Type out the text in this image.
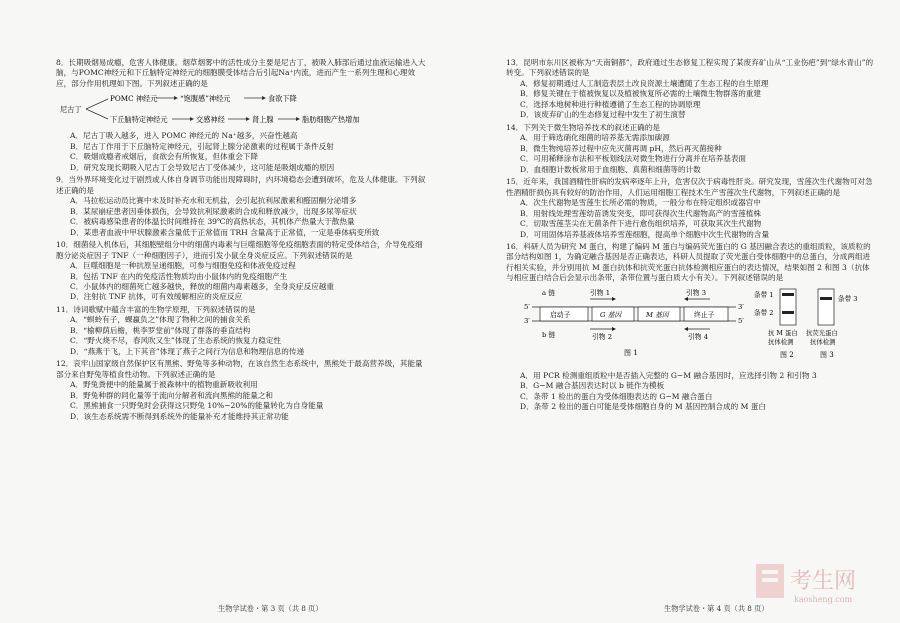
8．长期吸烟易成瘾，危害人体健康。烟草烟雾中的活性成分主要是尼古丁，被吸入肺部后通过血液运输进入大脑，与POMC神经元和下丘脑特定神经元的细胞膜受体结合后引起Na⁺内流，进而产生一系列生理和心理效应，部分作用机理如下图。下列叙述正确的是

尼古丁
POMC 神经元	“饱腹感”神经元	食欲下降
下丘脑特定神经元	交感神经	肾上腺	脂肪细胞产热增加

A．尼古丁吸入越多，进入 POMC 神经元的 Na⁺越多，兴奋性越高

B．尼古丁作用于下丘脑特定神经元，引起肾上腺分泌激素的过程属于条件反射

C．吸烟成瘾者戒烟后，食欲会有所恢复，但体重会下降

D．研究发现长期吸入尼古丁会导致尼古丁受体减少，这可能是吸烟成瘾的原因

9．当外界环境变化过于剧烈或人体自身调节功能出现障碍时，内环境稳态会遭到破坏，危及人体健康。下列叙述正确的是

A．马拉松运动员比赛中未及时补充水和无机盐，会引起抗利尿激素和醛固酮分泌增多

B．某尿崩症患者因垂体损伤，会导致抗利尿激素的合成和释放减少，出现多尿等症状

C．被病毒感染患者的体温长时间维持在 39℃的高热状态，其机体产热量大于散热量

D．某患者血液中甲状腺激素含量低于正常值而 TRH 含量高于正常值，一定是垂体病变所致

10．细菌侵入机体后，其细胞壁组分中的细菌内毒素与巨噬细胞等免疫细胞表面的特定受体结合，介导免疫细胞分泌炎症因子 TNF（一种细胞因子），进而引发小鼠全身炎症反应。下列叙述错误的是

A．巨噬细胞是一种抗原呈递细胞，可参与细胞免疫和体液免疫过程

B．包括 TNF 在内的免疫活性物质均由小鼠体内的免疫细胞产生

C．小鼠体内的细菌死亡越多越快，释放的细菌内毒素越多，全身炎症反应越重

D．注射抗 TNF 抗体，可有效缓解相应的炎症反应

11．诗词歌赋中蕴含丰富的生物学原理，下列叙述错误的是

A．“螟蛉有子，蜾蠃负之”体现了物种之间的捕食关系

B．“榆柳荫后檐，桃李罗堂前”体现了群落的垂直结构

C．“野火烧不尽，春风吹又生”体现了生态系统的恢复力稳定性

D．“燕燕于飞，上下其音”体现了燕子之间行为信息和物理信息的传递

12．哀牢山国家级自然保护区有黑熊、野兔等多种动物，在该自然生态系统中，黑熊处于最高营养级，其能量部分来自野兔等植食性动物。下列叙述正确的是

A．野兔粪便中的能量属于被森林中的植物重新吸收利用

B．野兔种群的同化量等于流向分解者和流向黑熊的能量之和

C．黑熊捕食一只野兔时会获得这只野兔 10%~20%的能量转化为自身能量

D．该生态系统需不断得到系统外的能量补充才能维持其正常功能

13．昆明市东川区被称为“天南铜都”，政府通过生态修复工程实现了某废弃矿山从“工业伤疤”到“绿水青山”的转变。下列叙述错误的是

A．修复初期通过人工制造表层土改良资源土壤遭随了生态工程的自生原理

B．修复关键在于植被恢复以及植被恢复所必需的土壤微生物群落的重建

C．选择本地树种进行种植遵循了生态工程的协调原理

D．该废弃矿山的生态修复过程中发生了初生演替

14．下列关于微生物培养技术的叙述正确的是

A．用于筛选硝化细菌的培养基无需添加碳源

B．微生物纯培养过程中应先灭菌再调 pH，然后再灭菌接种

C．可用稀释涂布法和平板划线法对微生物进行分离并在培养基表面

D．血细胞计数板常用于血细胞、真菌和细菌等的计数

15．近年来，我国酒精性肝病的发病率逐年上升，危害仅次于病毒性肝炎。研究发现，雪莲次生代谢物可对急性酒精肝损伤具有较好的防治作用，人们运用细胞工程技术生产雪莲次生代谢物，下列叙述正确的是

A．次生代谢物是雪莲生长所必需的物质，一般分布在特定组织或器官中

B．用射线处理雪莲幼苗诱发突变，即可获得次生代谢物高产的雪莲植株

C．切取雪莲茎尖在无菌条件下进行愈伤组织培养，可获取其次生代谢物

D．可用固体培养基液体培养雪莲细胞，提高单个细胞中次生代谢物的含量

16．科研人员为研究 M 蛋白，构建了编码 M 蛋白与编码荧光蛋白的 G 基因融合表达的重组质粒，该质粒的部分结构如图 1，为确定融合基因是否正确表达，科研人员提取了荧光蛋白受体细胞中的总蛋白，分成两组进行相关实验，并分别用抗 M 蛋白抗体和抗荧光蛋白抗体检测相应蛋白的表达情况，结果如图 2 和图 3（抗体与相应蛋白结合后会显示出条带，条带位置与蛋白质大小有关）。下列叙述错误的是

a 链	引物 1	引物 3
5′
3′
3′
5′
启动子	G 基因	M 基因	终止子
b 链	引物 2	引物 4
图 1
条带 1
条带 2
抗 M 蛋白
抗体检测
图 2
条带 3
抗荧光蛋白
抗体检测
图 3

A．用 PCR 检测重组质粒中是否插入完整的 G−M 融合基因时，应选择引物 2 和引物 3

B．G−M 融合基因表达时以 b 链作为模板

C．条带 1 检出的蛋白为受体细胞表达的 G−M 融合蛋白

D．条带 2 检出的蛋白可能是受体细胞自身的 M 基因控制合成的 M 蛋白

生物学试卷・第 3 页（共 8 页）	生物学试卷・第 4 页（共 8 页）
考生网
kaosheng.com
